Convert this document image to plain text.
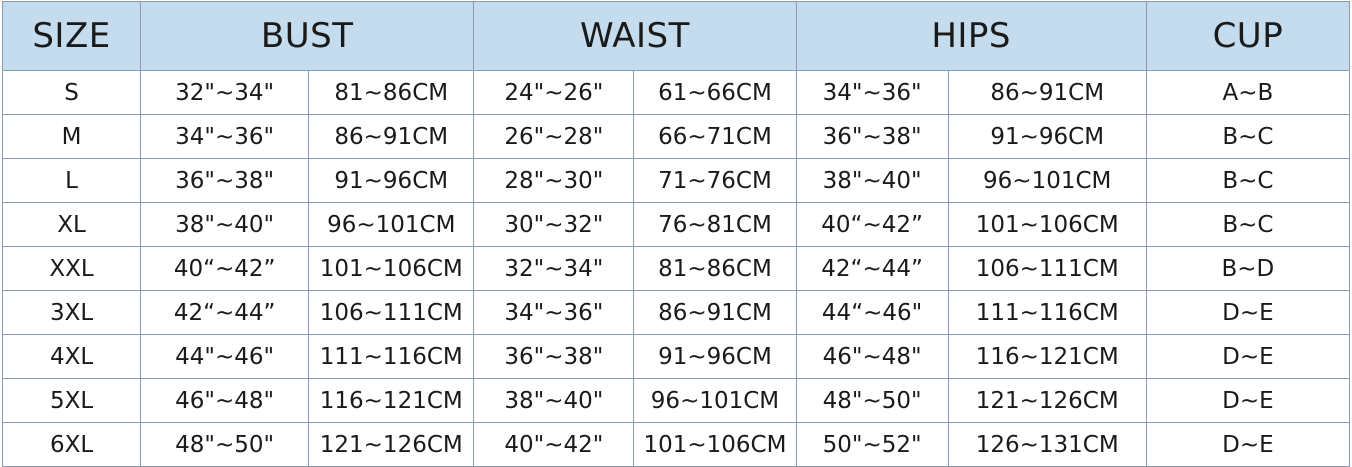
SIZE	BUST		WAIST		HIPS		CUP
S	32"~34"	81~86CM	24"~26"	61~66CM	34"~36"	86~91CM	A~B
M	34"~36"	86~91CM	26"~28"	66~71CM	36"~38"	91~96CM	B~C
L	36"~38"	91~96CM	28"~30"	71~76CM	38"~40"	96~101CM	B~C
XL	38"~40"	96~101CM	30"~32"	76~81CM	40“~42”	101~106CM	B~C
XXL	40“~42”	101~106CM	32"~34"	81~86CM	42“~44”	106~111CM	B~D
3XL	42“~44”	106~111CM	34"~36"	86~91CM	44“~46"	111~116CM	D~E
4XL	44"~46"	111~116CM	36"~38"	91~96CM	46"~48"	116~121CM	D~E
5XL	46"~48"	116~121CM	38"~40"	96~101CM	48"~50"	121~126CM	D~E
6XL	48"~50"	121~126CM	40"~42"	101~106CM	50"~52"	126~131CM	D~E
